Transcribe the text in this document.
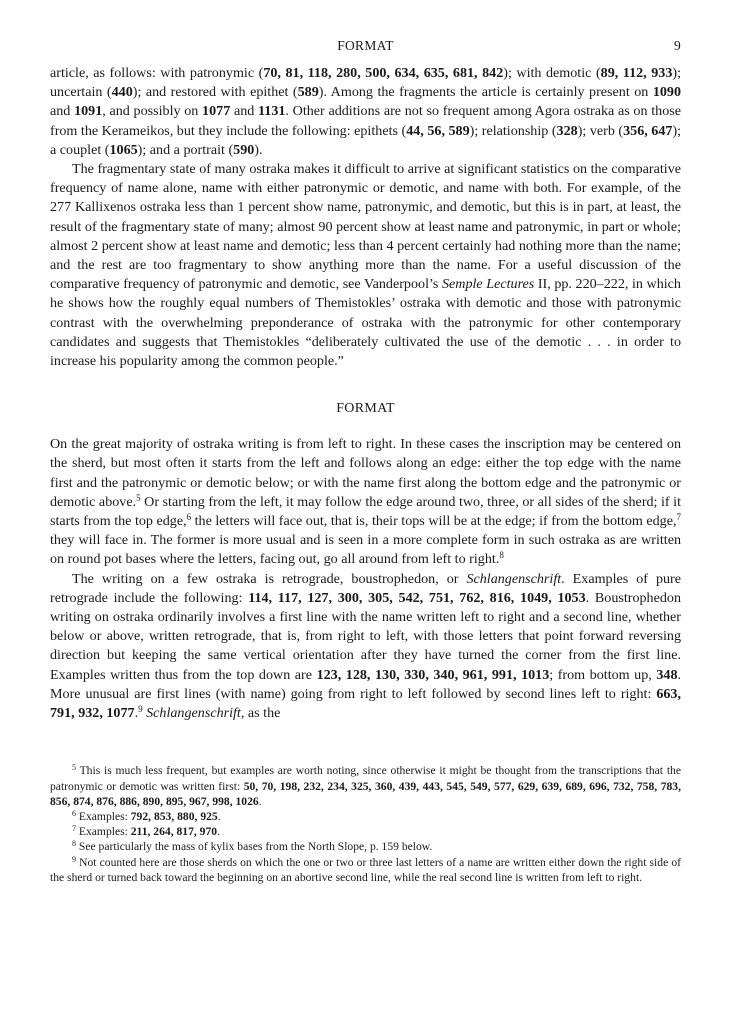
FORMAT	9

article, as follows: with patronymic (70, 81, 118, 280, 500, 634, 635, 681, 842); with demotic (89, 112, 933); uncertain (440); and restored with epithet (589). Among the fragments the article is certainly present on 1090 and 1091, and possibly on 1077 and 1131. Other additions are not so frequent among Agora ostraka as on those from the Kerameikos, but they include the following: epithets (44, 56, 589); relationship (328); verb (356, 647); a couplet (1065); and a portrait (590).

The fragmentary state of many ostraka makes it difficult to arrive at significant statistics on the comparative frequency of name alone, name with either patronymic or demotic, and name with both. For example, of the 277 Kallixenos ostraka less than 1 percent show name, patronymic, and demotic, but this is in part, at least, the result of the fragmentary state of many; almost 90 percent show at least name and patronymic, in part or whole; almost 2 percent show at least name and demotic; less than 4 percent certainly had nothing more than the name; and the rest are too fragmentary to show anything more than the name. For a useful discussion of the comparative frequency of patronymic and demotic, see Vanderpool’s Semple Lectures II, pp. 220–222, in which he shows how the roughly equal numbers of Themistokles’ ostraka with demotic and those with patronymic contrast with the overwhelming preponderance of ostraka with the patronymic for other contemporary candidates and suggests that Themistokles “deliberately cultivated the use of the demotic . . . in order to increase his popularity among the common people.”

FORMAT

On the great majority of ostraka writing is from left to right. In these cases the inscription may be centered on the sherd, but most often it starts from the left and follows along an edge: either the top edge with the name first and the patronymic or demotic below; or with the name first along the bottom edge and the patronymic or demotic above.$^5$ Or starting from the left, it may follow the edge around two, three, or all sides of the sherd; if it starts from the top edge,$^6$ the letters will face out, that is, their tops will be at the edge; if from the bottom edge,$^7$ they will face in. The former is more usual and is seen in a more complete form in such ostraka as are written on round pot bases where the letters, facing out, go all around from left to right.$^8$

The writing on a few ostraka is retrograde, boustrophedon, or Schlangenschrift. Examples of pure retrograde include the following: 114, 117, 127, 300, 305, 542, 751, 762, 816, 1049, 1053. Boustrophedon writing on ostraka ordinarily involves a first line with the name written left to right and a second line, whether below or above, written retrograde, that is, from right to left, with those letters that point forward reversing direction but keeping the same vertical orientation after they have turned the corner from the first line. Examples written thus from the top down are 123, 128, 130, 330, 340, 961, 991, 1013; from bottom up, 348. More unusual are first lines (with name) going from right to left followed by second lines left to right: 663, 791, 932, 1077.$^9$ Schlangenschrift, as the

$^5$ This is much less frequent, but examples are worth noting, since otherwise it might be thought from the transcriptions that the patronymic or demotic was written first: 50, 70, 198, 232, 234, 325, 360, 439, 443, 545, 549, 577, 629, 639, 689, 696, 732, 758, 783, 856, 874, 876, 886, 890, 895, 967, 998, 1026.

$^6$ Examples: 792, 853, 880, 925.

$^7$ Examples: 211, 264, 817, 970.

$^8$ See particularly the mass of kylix bases from the North Slope, p. 159 below.

$^9$ Not counted here are those sherds on which the one or two or three last letters of a name are written either down the right side of the sherd or turned back toward the beginning on an abortive second line, while the real second line is written from left to right.
